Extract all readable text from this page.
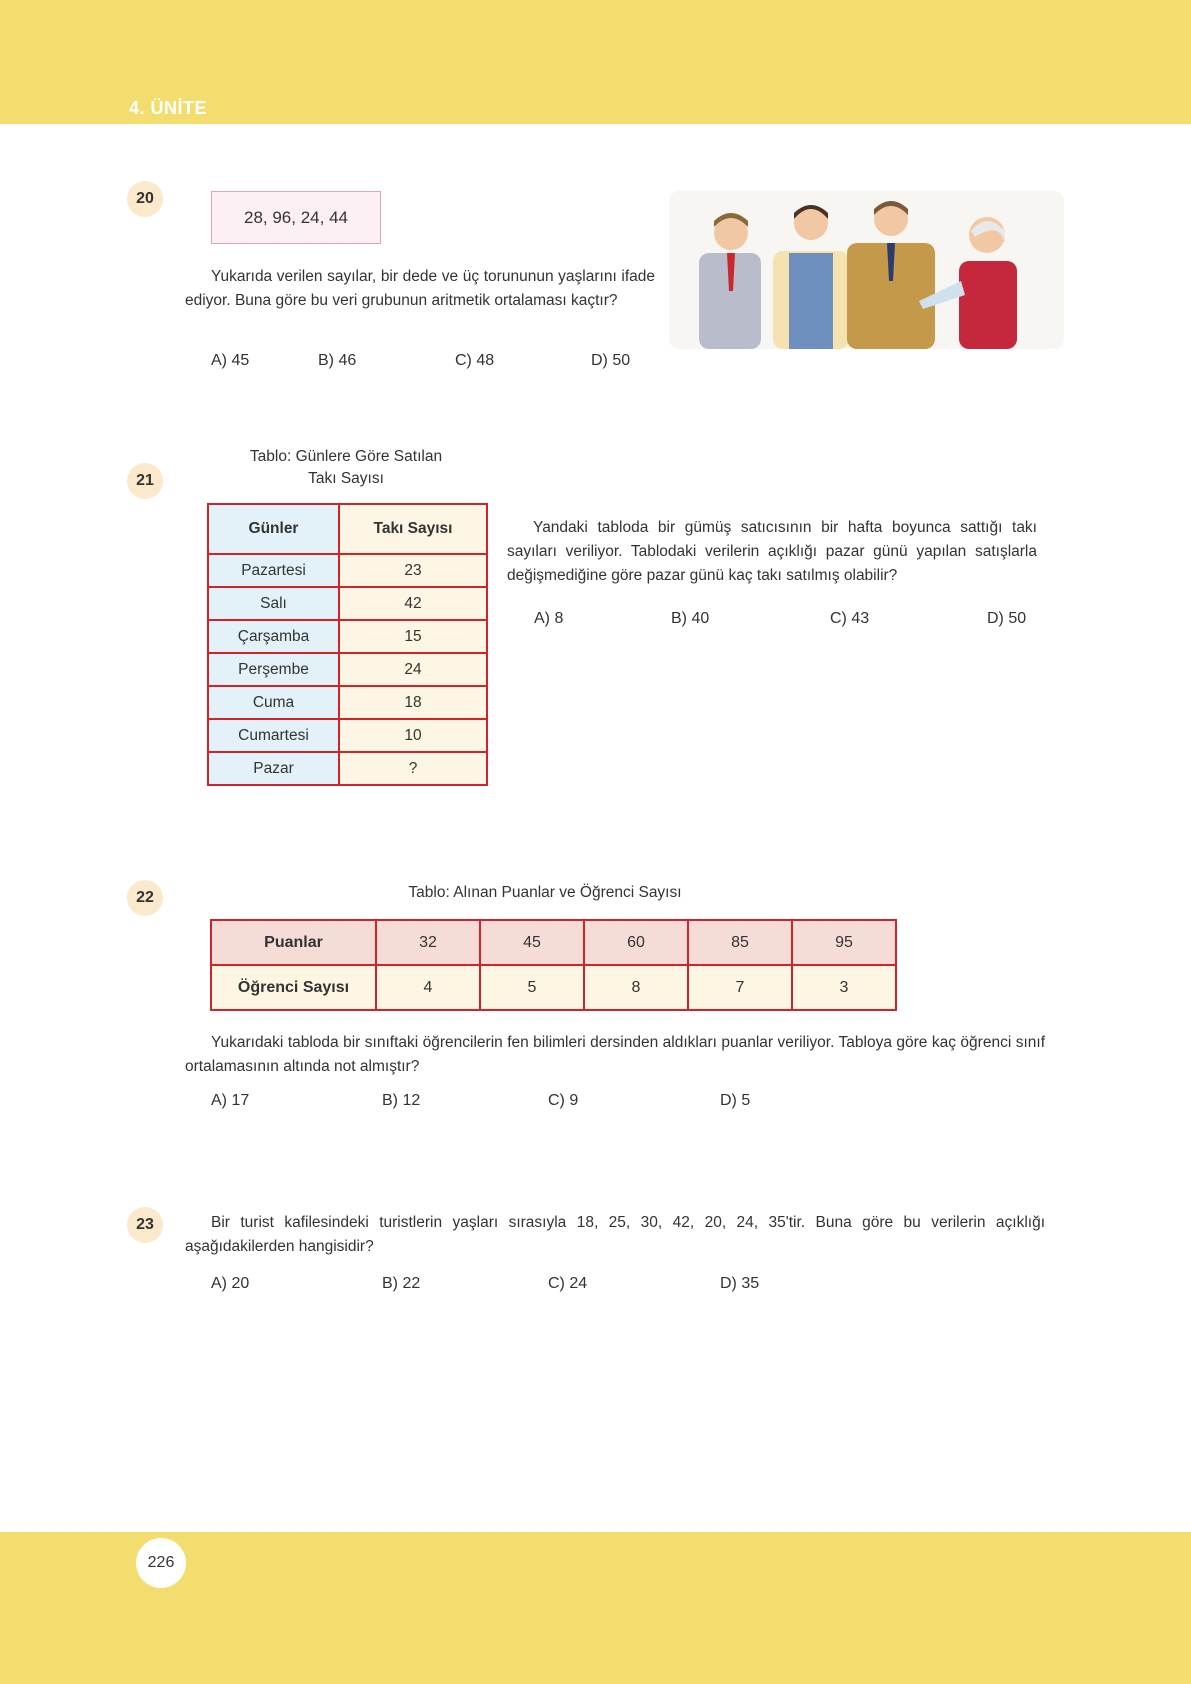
4. ÜNİTE
20
28, 96, 24, 44
Yukarıda verilen sayılar, bir dede ve üç torununun yaşlarını ifade ediyor. Buna göre bu veri grubunun aritmetik ortalaması kaçtır?
A) 45	B) 46	C) 48	D) 50
21
Tablo: Günlere Göre Satılan
Takı Sayısı
Günler	Takı Sayısı
Pazartesi	23
Salı	42
Çarşamba	15
Perşembe	24
Cuma	18
Cumartesi	10
Pazar	?
Yandaki tabloda bir gümüş satıcısının bir hafta boyunca sattığı takı sayıları veriliyor. Tablodaki verilerin açıklığı pazar günü yapılan satışlarla değişmediğine göre pazar günü kaç takı satılmış olabilir?
A) 8	B) 40	C) 43	D) 50
22	Tablo: Alınan Puanlar ve Öğrenci Sayısı
Puanlar	32	45	60	85	95
Öğrenci Sayısı	4	5	8	7	3
Yukarıdaki tabloda bir sınıftaki öğrencilerin fen bilimleri dersinden aldıkları puanlar veriliyor. Tabloya göre kaç öğrenci sınıf ortalamasının altında not almıştır?
A) 17	B) 12	C) 9	D) 5
23	Bir turist kafilesindeki turistlerin yaşları sırasıyla 18, 25, 30, 42, 20, 24, 35'tir. Buna göre bu verilerin açıklığı aşağıdakilerden hangisidir?
A) 20	B) 22	C) 24	D) 35
226
